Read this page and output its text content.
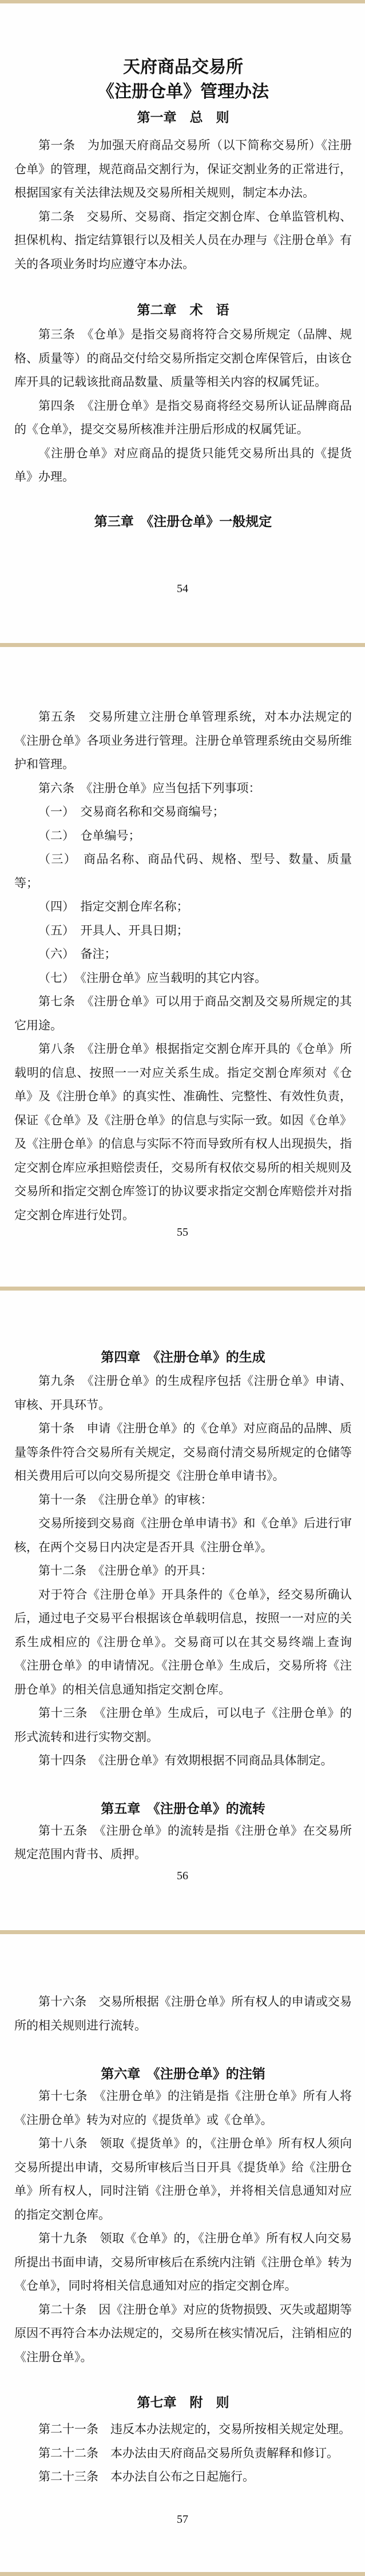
天府商品交易所
《注册仓单》管理办法
第一章　总　则

第一条　为加强天府商品交易所（以下简称交易所）《注册仓单》的管理，规范商品交割行为，保证交割业务的正常进行，根据国家有关法律法规及交易所相关规则，制定本办法。

第二条　交易所、交易商、指定交割仓库、仓单监管机构、担保机构、指定结算银行以及相关人员在办理与《注册仓单》有关的各项业务时均应遵守本办法。

第二章　术　语

第三条　《仓单》是指交易商将符合交易所规定（品牌、规格、质量等）的商品交付给交易所指定交割仓库保管后，由该仓库开具的记载该批商品数量、质量等相关内容的权属凭证。

第四条　《注册仓单》是指交易商将经交易所认证品牌商品的《仓单》，提交交易所核准并注册后形成的权属凭证。

《注册仓单》对应商品的提货只能凭交易所出具的《提货单》办理。

第三章　《注册仓单》一般规定
54

第五条　交易所建立注册仓单管理系统，对本办法规定的《注册仓单》各项业务进行管理。注册仓单管理系统由交易所维护和管理。

第六条　《注册仓单》应当包括下列事项：

（一）　交易商名称和交易商编号；

（二）　仓单编号；

（三）　商品名称、商品代码、规格、型号、数量、质量等；

（四）　指定交割仓库名称；

（五）　开具人、开具日期；

（六）　备注；

（七）　《注册仓单》应当载明的其它内容。

第七条　《注册仓单》可以用于商品交割及交易所规定的其它用途。

第八条　《注册仓单》根据指定交割仓库开具的《仓单》所载明的信息、按照一一对应关系生成。指定交割仓库须对《仓单》及《注册仓单》的真实性、准确性、完整性、有效性负责，保证《仓单》及《注册仓单》的信息与实际一致。如因《仓单》及《注册仓单》的信息与实际不符而导致所有权人出现损失，指定交割仓库应承担赔偿责任，交易所有权依交易所的相关规则及交易所和指定交割仓库签订的协议要求指定交割仓库赔偿并对指定交割仓库进行处罚。

55
第四章　《注册仓单》的生成

第九条　《注册仓单》的生成程序包括《注册仓单》申请、审核、开具环节。

第十条　申请《注册仓单》的《仓单》对应商品的品牌、质量等条件符合交易所有关规定，交易商付清交易所规定的仓储等相关费用后可以向交易所提交《注册仓单申请书》。

第十一条　《注册仓单》的审核：

交易所接到交易商《注册仓单申请书》和《仓单》后进行审核，在两个交易日内决定是否开具《注册仓单》。

第十二条　《注册仓单》的开具：

对于符合《注册仓单》开具条件的《仓单》，经交易所确认后，通过电子交易平台根据该仓单载明信息，按照一一对应的关系生成相应的《注册仓单》。交易商可以在其交易终端上查询《注册仓单》的申请情况。《注册仓单》生成后，交易所将《注册仓单》的相关信息通知指定交割仓库。

第十三条　《注册仓单》生成后，可以电子《注册仓单》的形式流转和进行实物交割。

第十四条　《注册仓单》有效期根据不同商品具体制定。

第五章　《注册仓单》的流转

第十五条　《注册仓单》的流转是指《注册仓单》在交易所规定范围内背书、质押。

56

第十六条　交易所根据《注册仓单》所有权人的申请或交易所的相关规则进行流转。

第六章　《注册仓单》的注销

第十七条　《注册仓单》的注销是指《注册仓单》所有人将《注册仓单》转为对应的《提货单》或《仓单》。

第十八条　领取《提货单》的，《注册仓单》所有权人须向交易所提出申请，交易所审核后当日开具《提货单》给《注册仓单》所有权人，同时注销《注册仓单》，并将相关信息通知对应的指定交割仓库。

第十九条　领取《仓单》的，《注册仓单》所有权人向交易所提出书面申请，交易所审核后在系统内注销《注册仓单》转为《仓单》，同时将相关信息通知对应的指定交割仓库。

第二十条　因《注册仓单》对应的货物损毁、灭失或超期等原因不再符合本办法规定的，交易所在核实情况后，注销相应的《注册仓单》。

第七章　附　则

第二十一条　违反本办法规定的，交易所按相关规定处理。

第二十二条　本办法由天府商品交易所负责解释和修订。

第二十三条　本办法自公布之日起施行。

57
